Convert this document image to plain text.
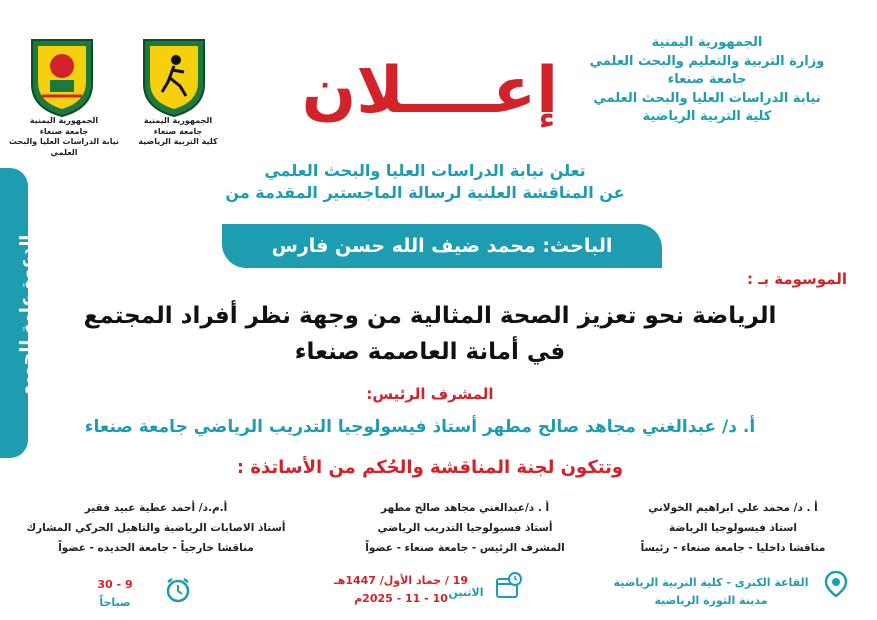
الجمهورية اليمنية
وزارة التربية والتعليم والبحث العلمي
جامعة صنعاء
نيابة الدراسات العليا والبحث العلمي
كلية التربية الرياضية
إعــــلان
الجمهورية اليمنية
جامعة صنعاء
نيابة الدراسات العليا والبحث العلمي
الجمهورية اليمنية
جامعة صنعاء
كلية التربية الرياضية
تعلن نيابة الدراسات العليا والبحث العلمي
عن المناقشة العلنية لرسالة الماجستير المقدمة من
الباحث: محمد ضيف الله حسن فارس
الدعوة عامة للجميع	الموسومة بـ :
الرياضة نحو تعزيز الصحة المثالية من وجهة نظر أفراد المجتمع
في أمانة العاصمة صنعاء
المشرف الرئيس:
أ. د/ عبدالغني مجاهد صالح مطهر أستاذ فيسولوجيا التدريب الرياضي جامعة صنعاء
وتتكون لجنة المناقشة والحُكم من الأساتذة :
أ . د/ محمد علي ابراهيم الخولاني
استاذ فيسولوجيا الرياضة
مناقشا داخليا - جامعة صنعاء - رئيساً
أ . د/عبدالغني مجاهد صالح مطهر
أستاذ فسيولوجيا التدريب الرياضي
المشرف الرئيس - جامعة صنعاء - عضواً
أ.م.د/ أحمد عطية عبيد فقير
أستاذ الاصابات الرياضية والتاهيل الحركي المشارك
مناقشا خارجياً - جامعة الحديده - عضواً
القاعة الكبرى - كلية التربية الرياضية
مدينة الثورة الرياضية
19 / جماد الأول/ 1447هـ
10 - 11 - 2025م الاثنين
9 - 30
صباحاً
